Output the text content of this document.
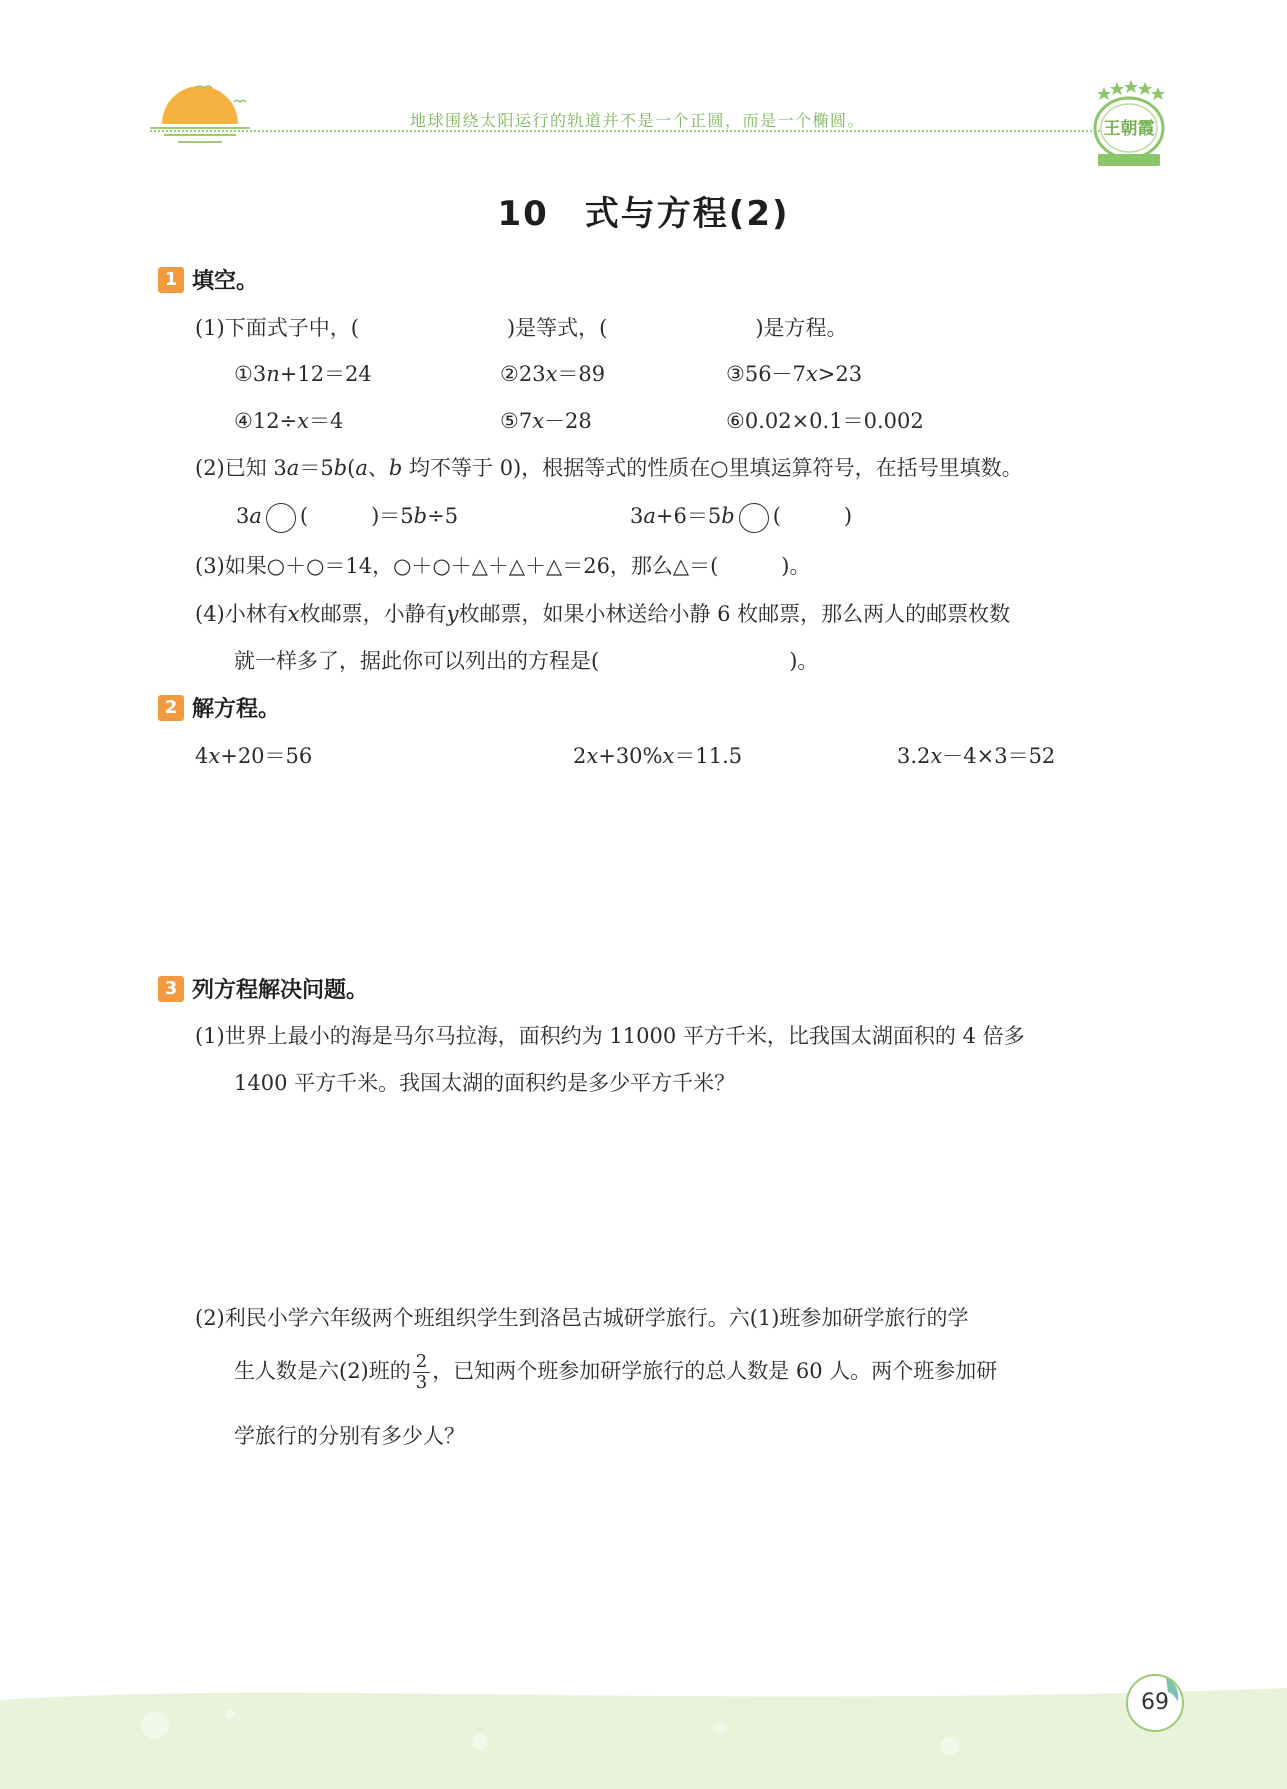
地球围绕太阳运行的轨道并不是一个正圆，而是一个椭圆。	王朝霞
10　式与方程(2)
1 填空。
(1)下面式子中，(	)是等式，(	)是方程。
①3n+12＝24	②23x＝89	③56－7x>23
④12÷x＝4	⑤7x－28	⑥0.02×0.1＝0.002
(2)已知 3a＝5b(a、b 均不等于 0)，根据等式的性质在○里填运算符号，在括号里填数。
3a (　　　)＝5b÷5	3a+6＝5b (　　　)
(3)如果○＋○＝14，○＋○＋△＋△＋△＝26，那么△＝(　　　)。
(4)小林有x枚邮票，小静有y枚邮票，如果小林送给小静 6 枚邮票，那么两人的邮票枚数
就一样多了，据此你可以列出的方程是(	)。
2 解方程。
4x+20＝56	2x+30%x＝11.5	3.2x－4×3＝52
3 列方程解决问题。
(1)世界上最小的海是马尔马拉海，面积约为 11000 平方千米，比我国太湖面积的 4 倍多
1400 平方千米。我国太湖的面积约是多少平方千米？
(2)利民小学六年级两个班组织学生到洛邑古城研学旅行。六(1)班参加研学旅行的学
生人数是六(2)班的 $\frac{2}{3}$ ，已知两个班参加研学旅行的总人数是 60 人。两个班参加研
学旅行的分别有多少人？
69
